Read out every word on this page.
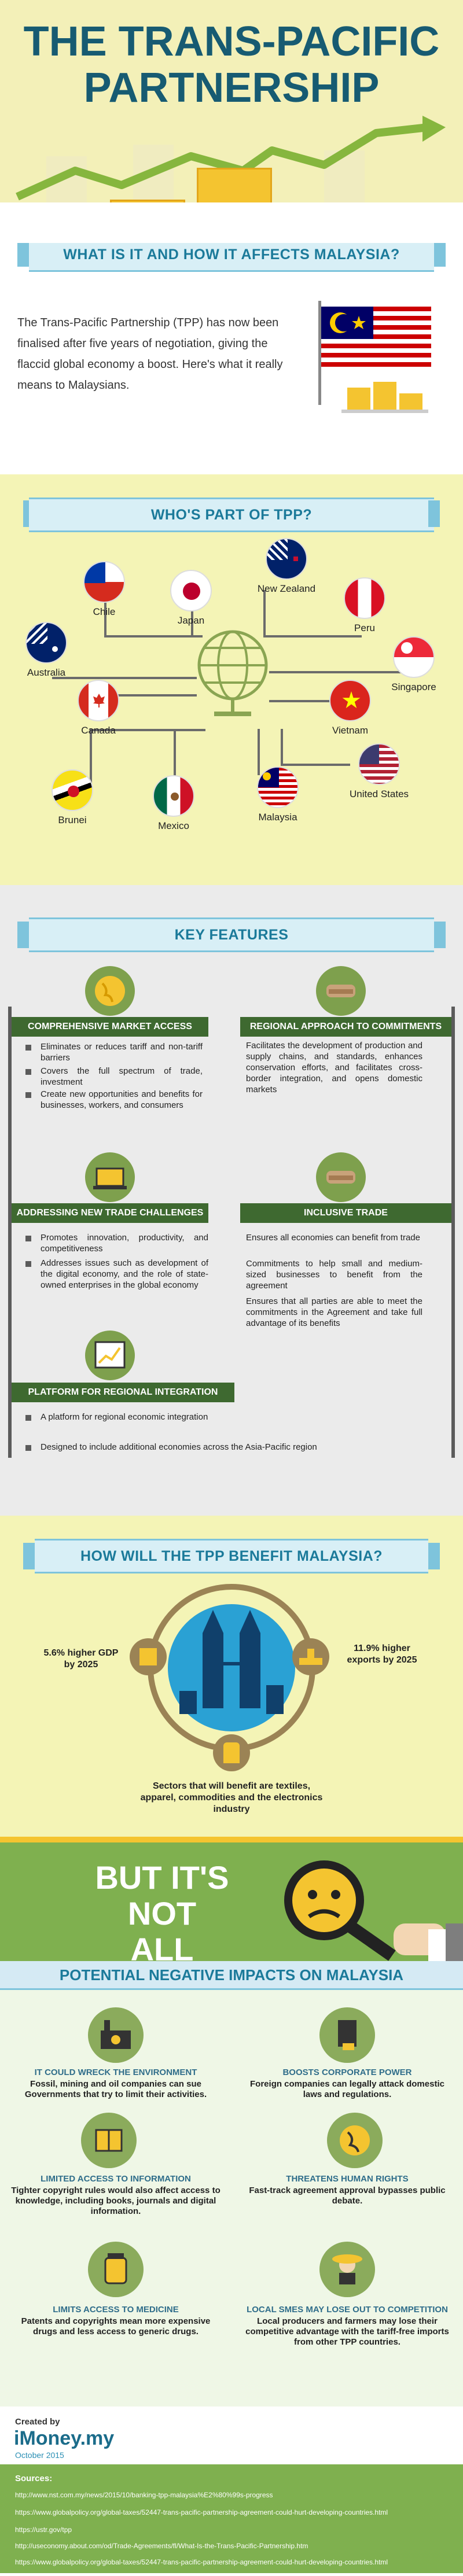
THE TRANS-PACIFIC
PARTNERSHIP
WHAT IS IT AND HOW IT AFFECTS MALAYSIA?

The Trans-Pacific Partnership (TPP) has now been finalised after five years of negotiation, giving the flaccid global economy a boost. Here's what it really means to Malaysians.

WHO'S PART OF TPP?
Chile
Japan
New Zealand
Peru
Australia
Singapore
Canada	Vietnam
United States
Brunei
Mexico
Malaysia
KEY FEATURES
COMPREHENSIVE MARKET ACCESS
Eliminates or reduces tariff and non-tariff barriers
Covers the full spectrum of trade, investment
Create new opportunities and benefits for businesses, workers, and consumers
REGIONAL APPROACH TO COMMITMENTS
Facilitates the development of production and supply chains, and standards, enhances conservation efforts, and facilitates cross-border integration, and opens domestic markets
ADDRESSING NEW TRADE CHALLENGES
Promotes innovation, productivity, and competitiveness
Addresses issues such as development of the digital economy, and the role of state-owned enterprises in the global economy
INCLUSIVE TRADE
Ensures all economies can benefit from trade
Commitments to help small and medium-sized businesses to benefit from the agreement
Ensures that all parties are able to meet the commitments in the Agreement and take full advantage of its benefits
PLATFORM FOR REGIONAL INTEGRATION
A platform for regional economic integration
Designed to include additional economies across the Asia-Pacific region
HOW WILL THE TPP BENEFIT MALAYSIA?
5.6% higher GDP by 2025
11.9% higher exports by 2025
Sectors that will benefit are textiles, apparel, commodities and the electronics industry
BUT IT'S NOT
ALL
POTENTIAL NEGATIVE IMPACTS ON MALAYSIA
IT COULD WRECK THE ENVIRONMENT
Fossil, mining and oil companies can sue Governments that try to limit their activities.
BOOSTS CORPORATE POWER
Foreign companies can legally attack domestic laws and regulations.
LIMITED ACCESS TO INFORMATION
Tighter copyright rules would also affect access to knowledge, including books, journals and digital information.
THREATENS HUMAN RIGHTS
Fast-track agreement approval bypasses public debate.
LIMITS ACCESS TO MEDICINE
Patents and copyrights mean more expensive drugs and less access to generic drugs.
LOCAL SMES MAY LOSE OUT TO COMPETITION
Local producers and farmers may lose their competitive advantage with the tariff-free imports from other TPP countries.
Created by
iMoney.my
October 2015
Sources:
http://www.nst.com.my/news/2015/10/banking-tpp-malaysia%E2%80%99s-progress
https://www.globalpolicy.org/global-taxes/52447-trans-pacific-partnership-agreement-could-hurt-developing-countries.html
https://ustr.gov/tpp
http://useconomy.about.com/od/Trade-Agreements/fl/What-Is-the-Trans-Pacific-Partnership.htm
https://www.globalpolicy.org/global-taxes/52447-trans-pacific-partnership-agreement-could-hurt-developing-countries.html
